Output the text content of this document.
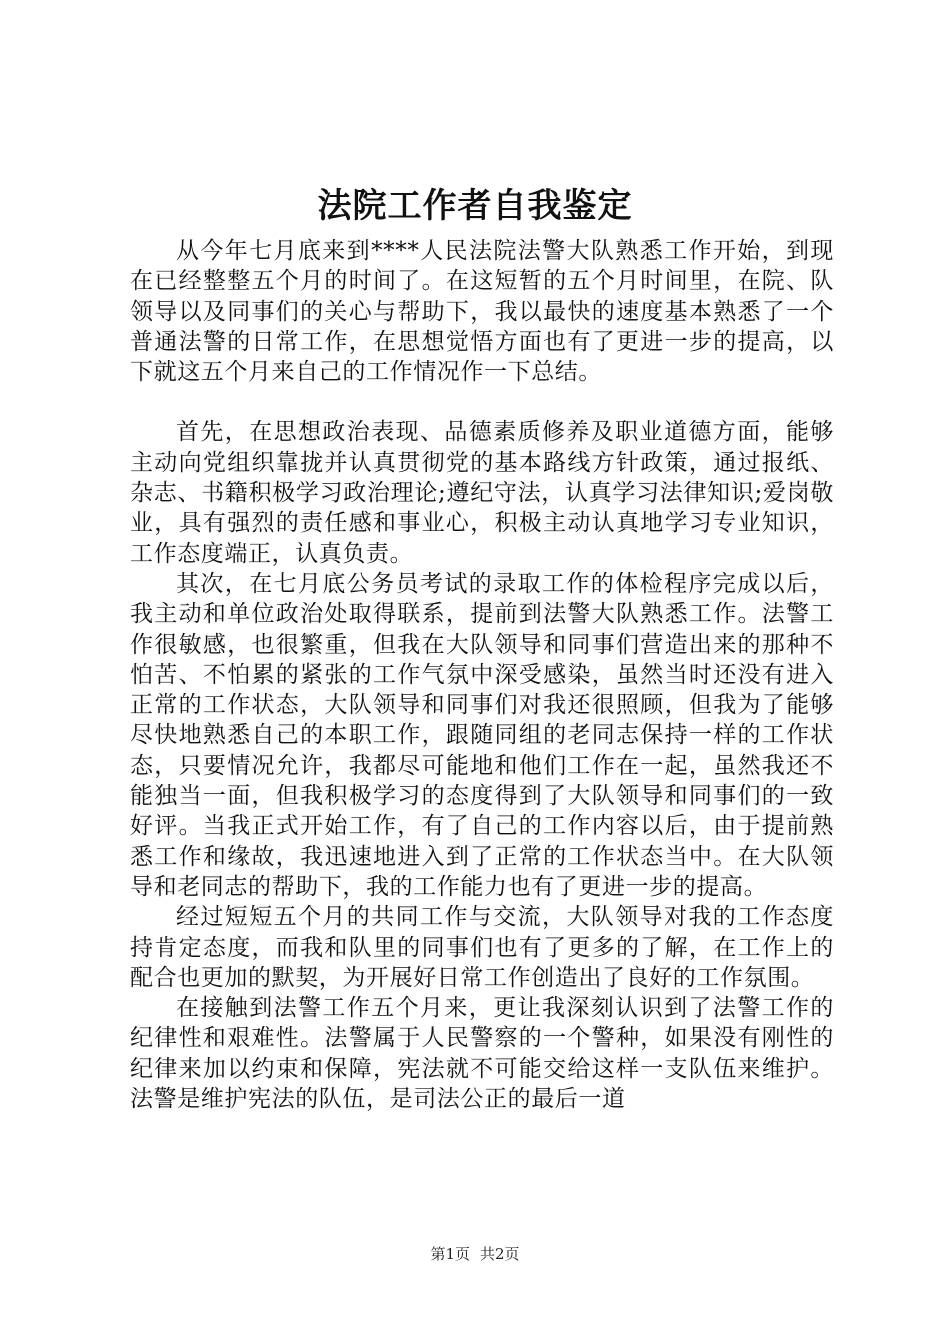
法院工作者自我鉴定

从今年七月底来到****人民法院法警大队熟悉工作开始，到现在已经整整五个月的时间了。在这短暂的五个月时间里，在院、队领导以及同事们的关心与帮助下，我以最快的速度基本熟悉了一个普通法警的日常工作，在思想觉悟方面也有了更进一步的提高，以下就这五个月来自己的工作情况作一下总结。

首先，在思想政治表现、品德素质修养及职业道德方面，能够主动向党组织靠拢并认真贯彻党的基本路线方针政策，通过报纸、杂志、书籍积极学习政治理论;遵纪守法，认真学习法律知识;爱岗敬业，具有强烈的责任感和事业心，积极主动认真地学习专业知识，工作态度端正，认真负责。

其次，在七月底公务员考试的录取工作的体检程序完成以后，我主动和单位政治处取得联系，提前到法警大队熟悉工作。法警工作很敏感，也很繁重，但我在大队领导和同事们营造出来的那种不怕苦、不怕累的紧张的工作气氛中深受感染，虽然当时还没有进入正常的工作状态，大队领导和同事们对我还很照顾，但我为了能够尽快地熟悉自己的本职工作，跟随同组的老同志保持一样的工作状态，只要情况允许，我都尽可能地和他们工作在一起，虽然我还不能独当一面，但我积极学习的态度得到了大队领导和同事们的一致好评。当我正式开始工作，有了自己的工作内容以后，由于提前熟悉工作和缘故，我迅速地进入到了正常的工作状态当中。在大队领导和老同志的帮助下，我的工作能力也有了更进一步的提高。

经过短短五个月的共同工作与交流，大队领导对我的工作态度持肯定态度，而我和队里的同事们也有了更多的了解，在工作上的配合也更加的默契，为开展好日常工作创造出了良好的工作氛围。

在接触到法警工作五个月来，更让我深刻认识到了法警工作的纪律性和艰难性。法警属于人民警察的一个警种，如果没有刚性的纪律来加以约束和保障，宪法就不可能交给这样一支队伍来维护。法警是维护宪法的队伍，是司法公正的最后一道

第1页 共2页
